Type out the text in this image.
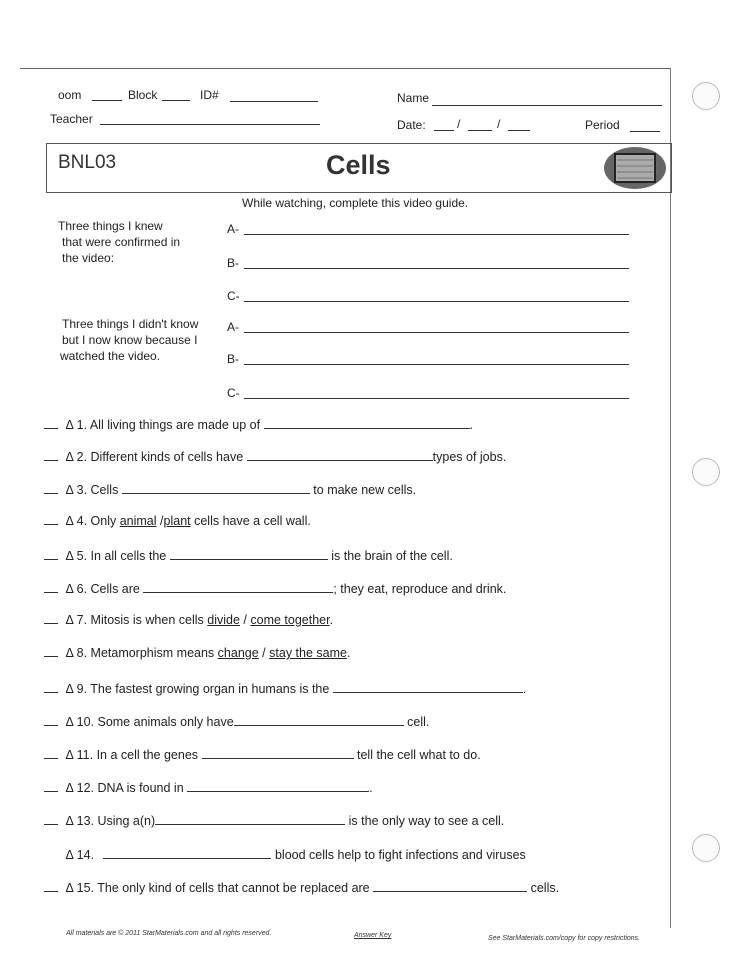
oom	Block	ID#	Name
Teacher	Date:	/	/	Period
BNL03	Cells
While watching, complete this video guide.
Three things I knew
that were confirmed in
the video:
A-
B-
C-
Three things I didn't know
but I now know because I
watched the video.
A-
B-
C-
Δ 1. All living things are made up of	.
Δ 2. Different kinds of cells have	types of jobs.
Δ 3. Cells	to make new cells.
Δ 4. Only animal /plant cells have a cell wall.
Δ 5. In all cells the	is the brain of the cell.
Δ 6. Cells are	; they eat, reproduce and drink.
Δ 7. Mitosis is when cells divide / come together.
Δ 8. Metamorphism means change / stay the same.
Δ 9. The fastest growing organ in humans is the	.
Δ 10. Some animals only have	cell.
Δ 11. In a cell the genes	tell the cell what to do.
Δ 12. DNA is found in	.
Δ 13. Using a(n)	is the only way to see a cell.
Δ 14.	blood cells help to fight infections and viruses
Δ 15. The only kind of cells that cannot be replaced are	cells.
All materials are © 2011 StarMaterials.com and all rights reserved.	Answer Key	See StarMaterials.com/copy for copy restrictions.
